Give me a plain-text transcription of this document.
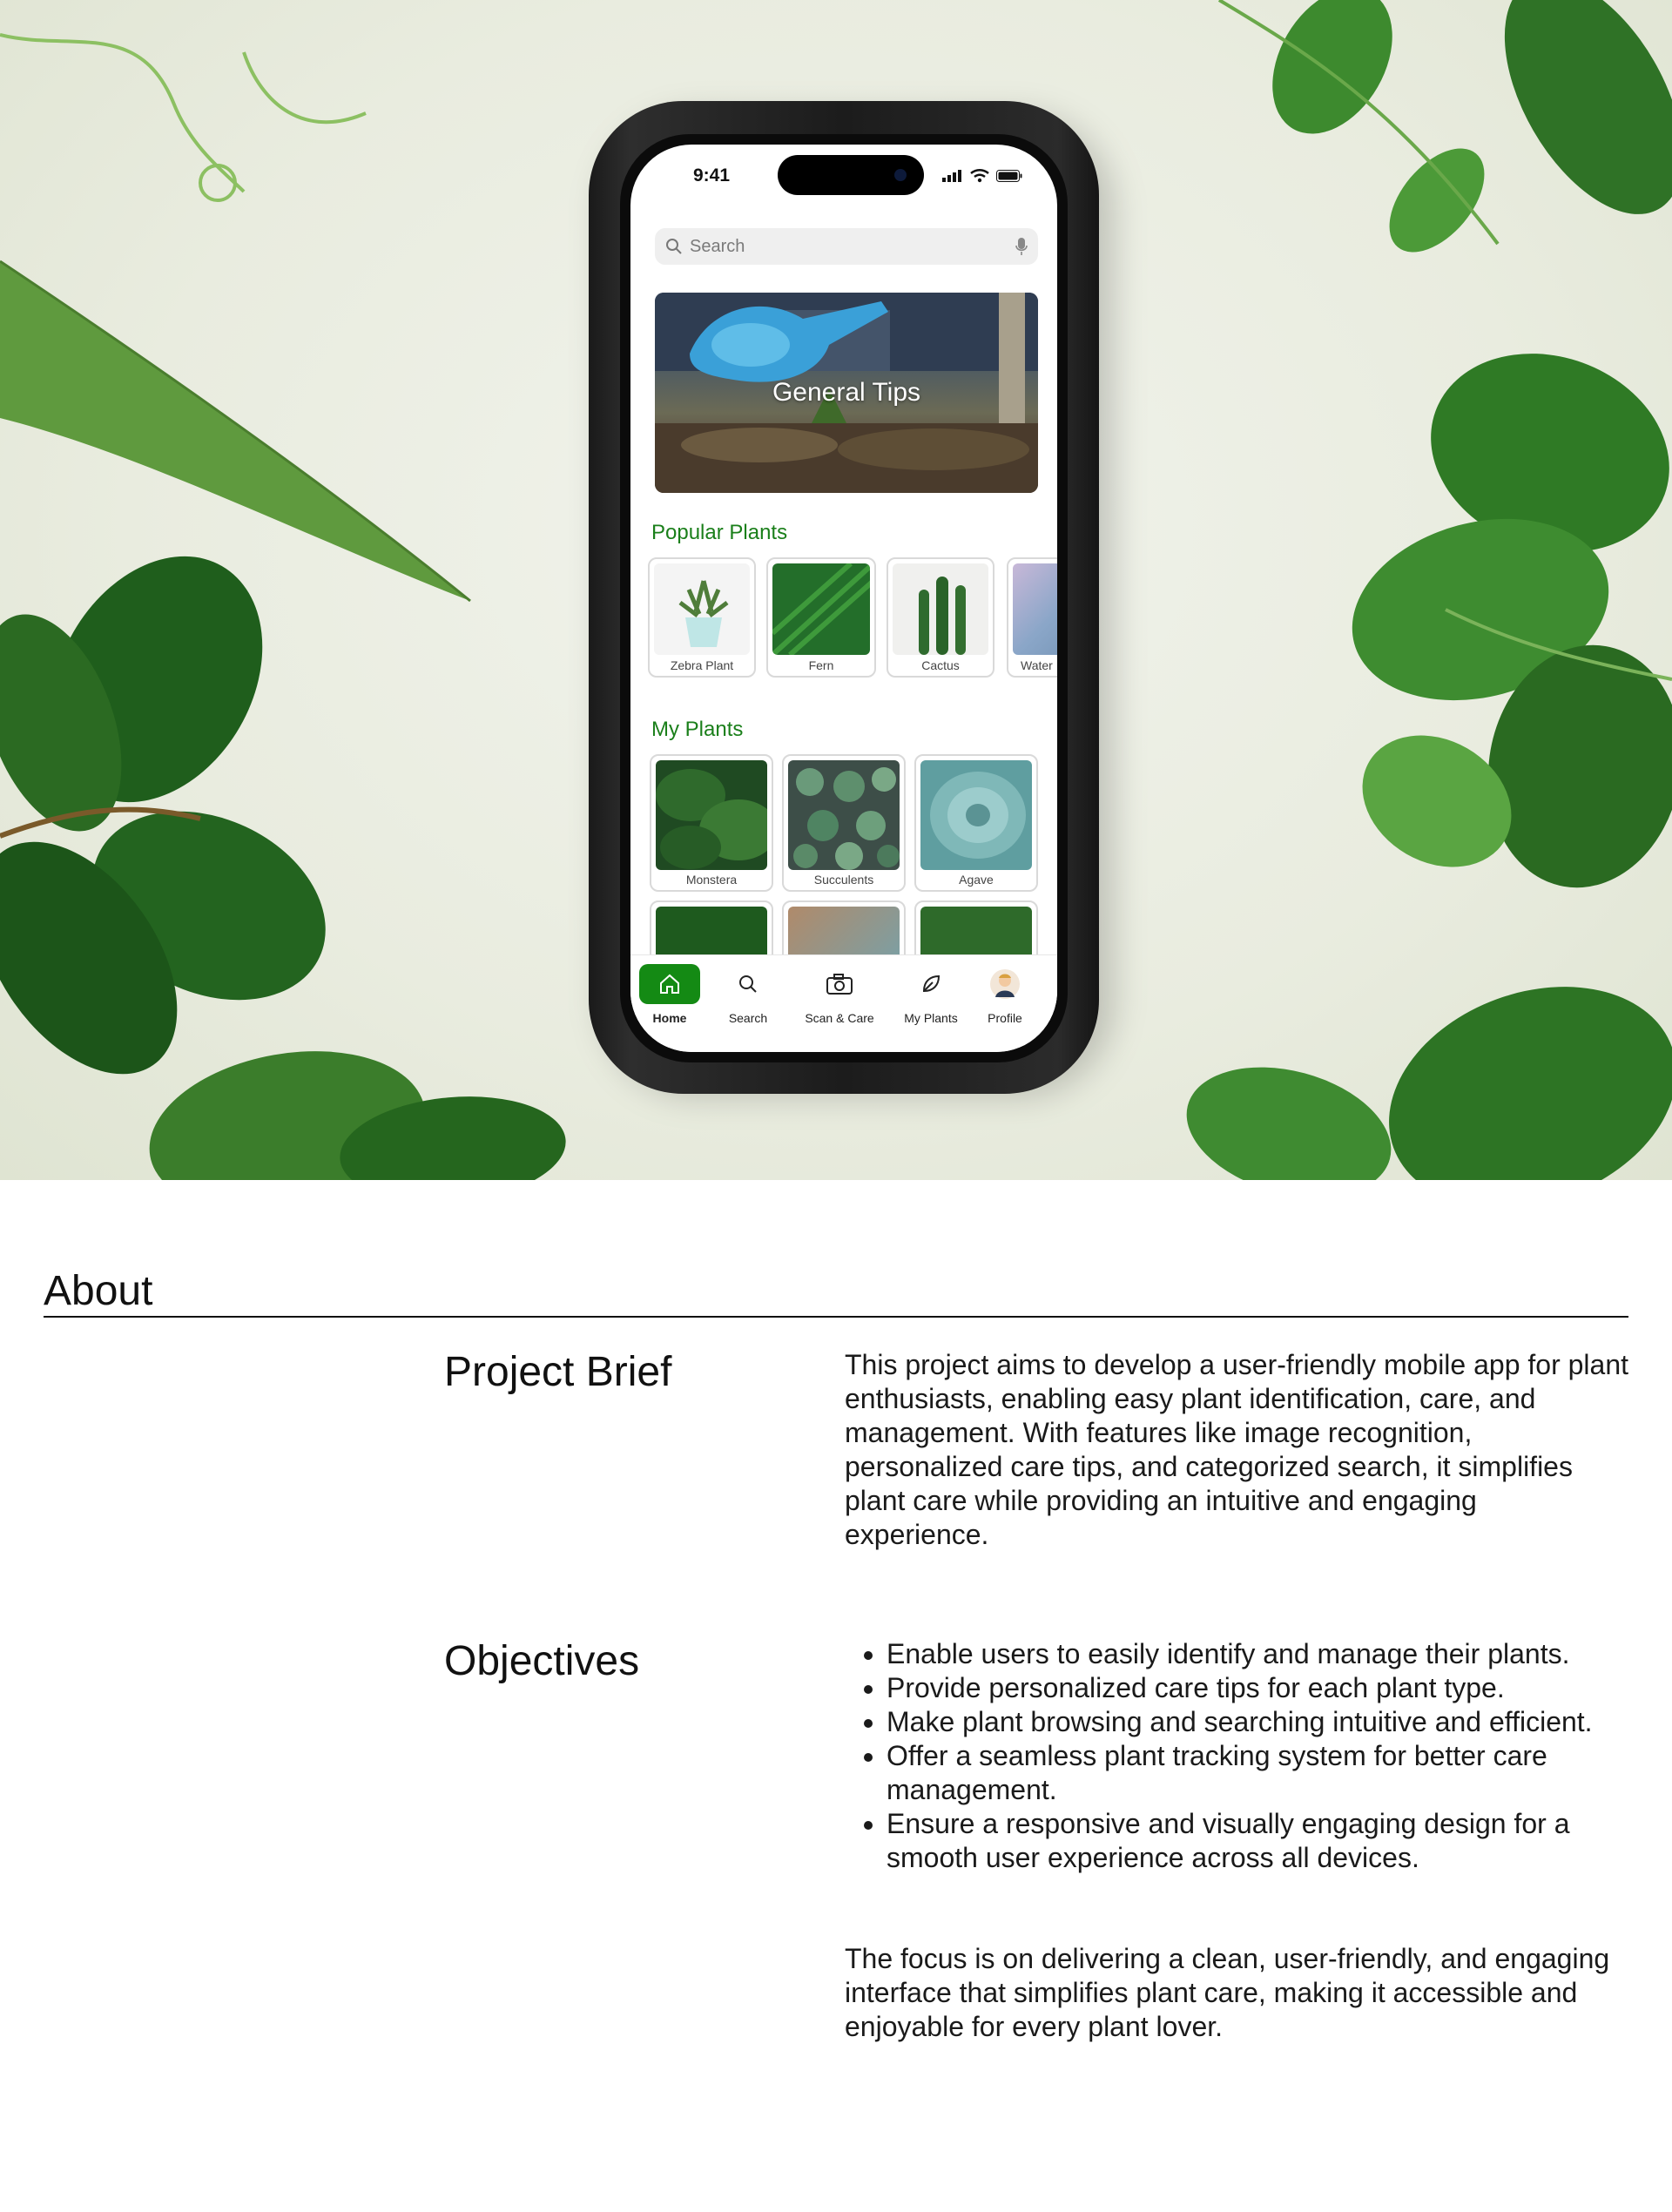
9:41
Search
General Tips
Popular Plants
Zebra Plant	Fern	Cactus	Water
My Plants
Monstera	Succulents	Agave
Home	Search	Scan & Care	My Plants	Profile
About
Project Brief	This project aims to develop a user-friendly mobile app for plant enthusiasts, enabling easy plant identification, care, and management. With features like image recognition, personalized care tips, and categorized search, it simplifies plant care while providing an intuitive and engaging experience.
Objectives
•	Enable users to easily identify and manage their plants.
• Provide personalized care tips for each plant type.
• Make plant browsing and searching intuitive and efficient.
• Offer a seamless plant tracking system for better care management.
• Ensure a responsive and visually engaging design for a smooth user experience across all devices.
The focus is on delivering a clean, user-friendly, and engaging interface that simplifies plant care, making it accessible and enjoyable for every plant lover.
